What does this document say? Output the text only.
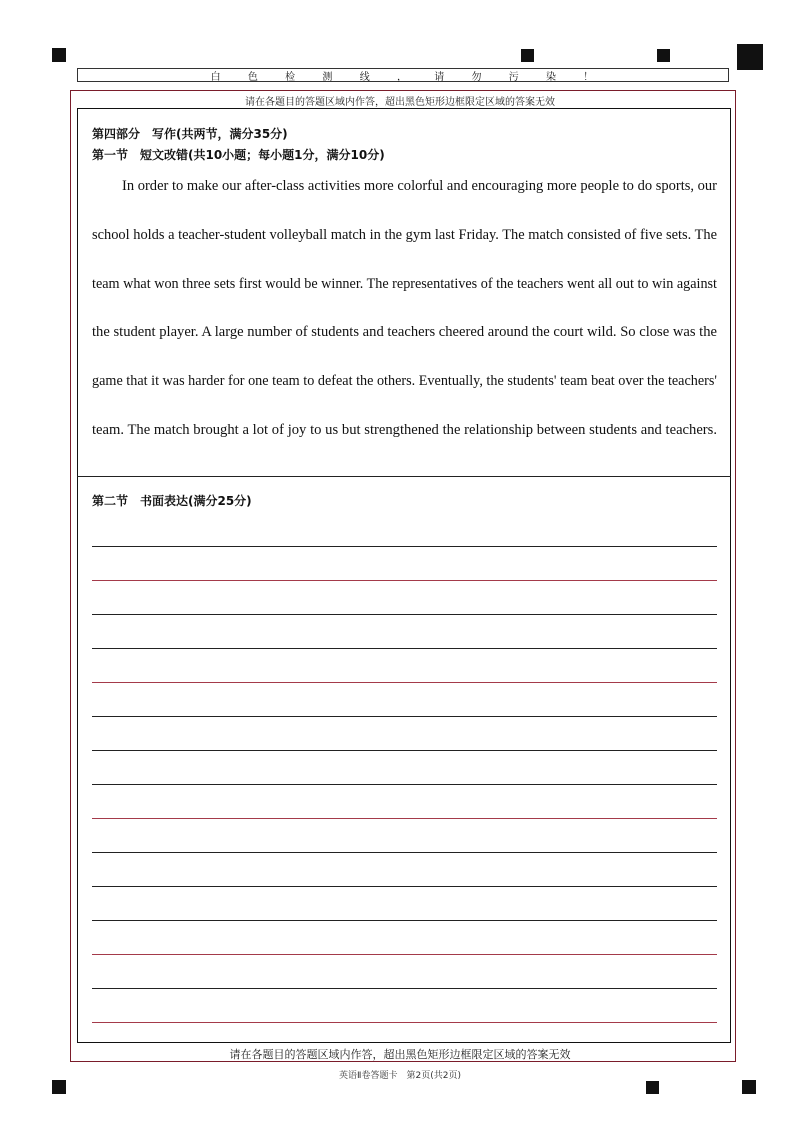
白	色	检	测	线	，	请	勿	污	染	！
请在各题目的答题区域内作答，超出黑色矩形边框限定区域的答案无效
第四部分　写作(共两节，满分35分)
第一节　短文改错(共10小题；每小题1分，满分10分)
In order to make our after-class activities more colorful and encouraging more people to do sports, our
school holds a teacher-student volleyball match in the gym last Friday. The match consisted of five sets. The
team what won three sets first would be winner. The representatives of the teachers went all out to win against
the student player. A large number of students and teachers cheered around the court wild. So close was the
game that it was harder for one team to defeat the others. Eventually, the students' team beat over the teachers'
team. The match brought a lot of joy to us but strengthened the relationship between students and teachers.
第二节　书面表达(满分25分)
请在各题目的答题区域内作答，超出黑色矩形边框限定区域的答案无效
英语Ⅱ卷答题卡　第2页(共2页)
